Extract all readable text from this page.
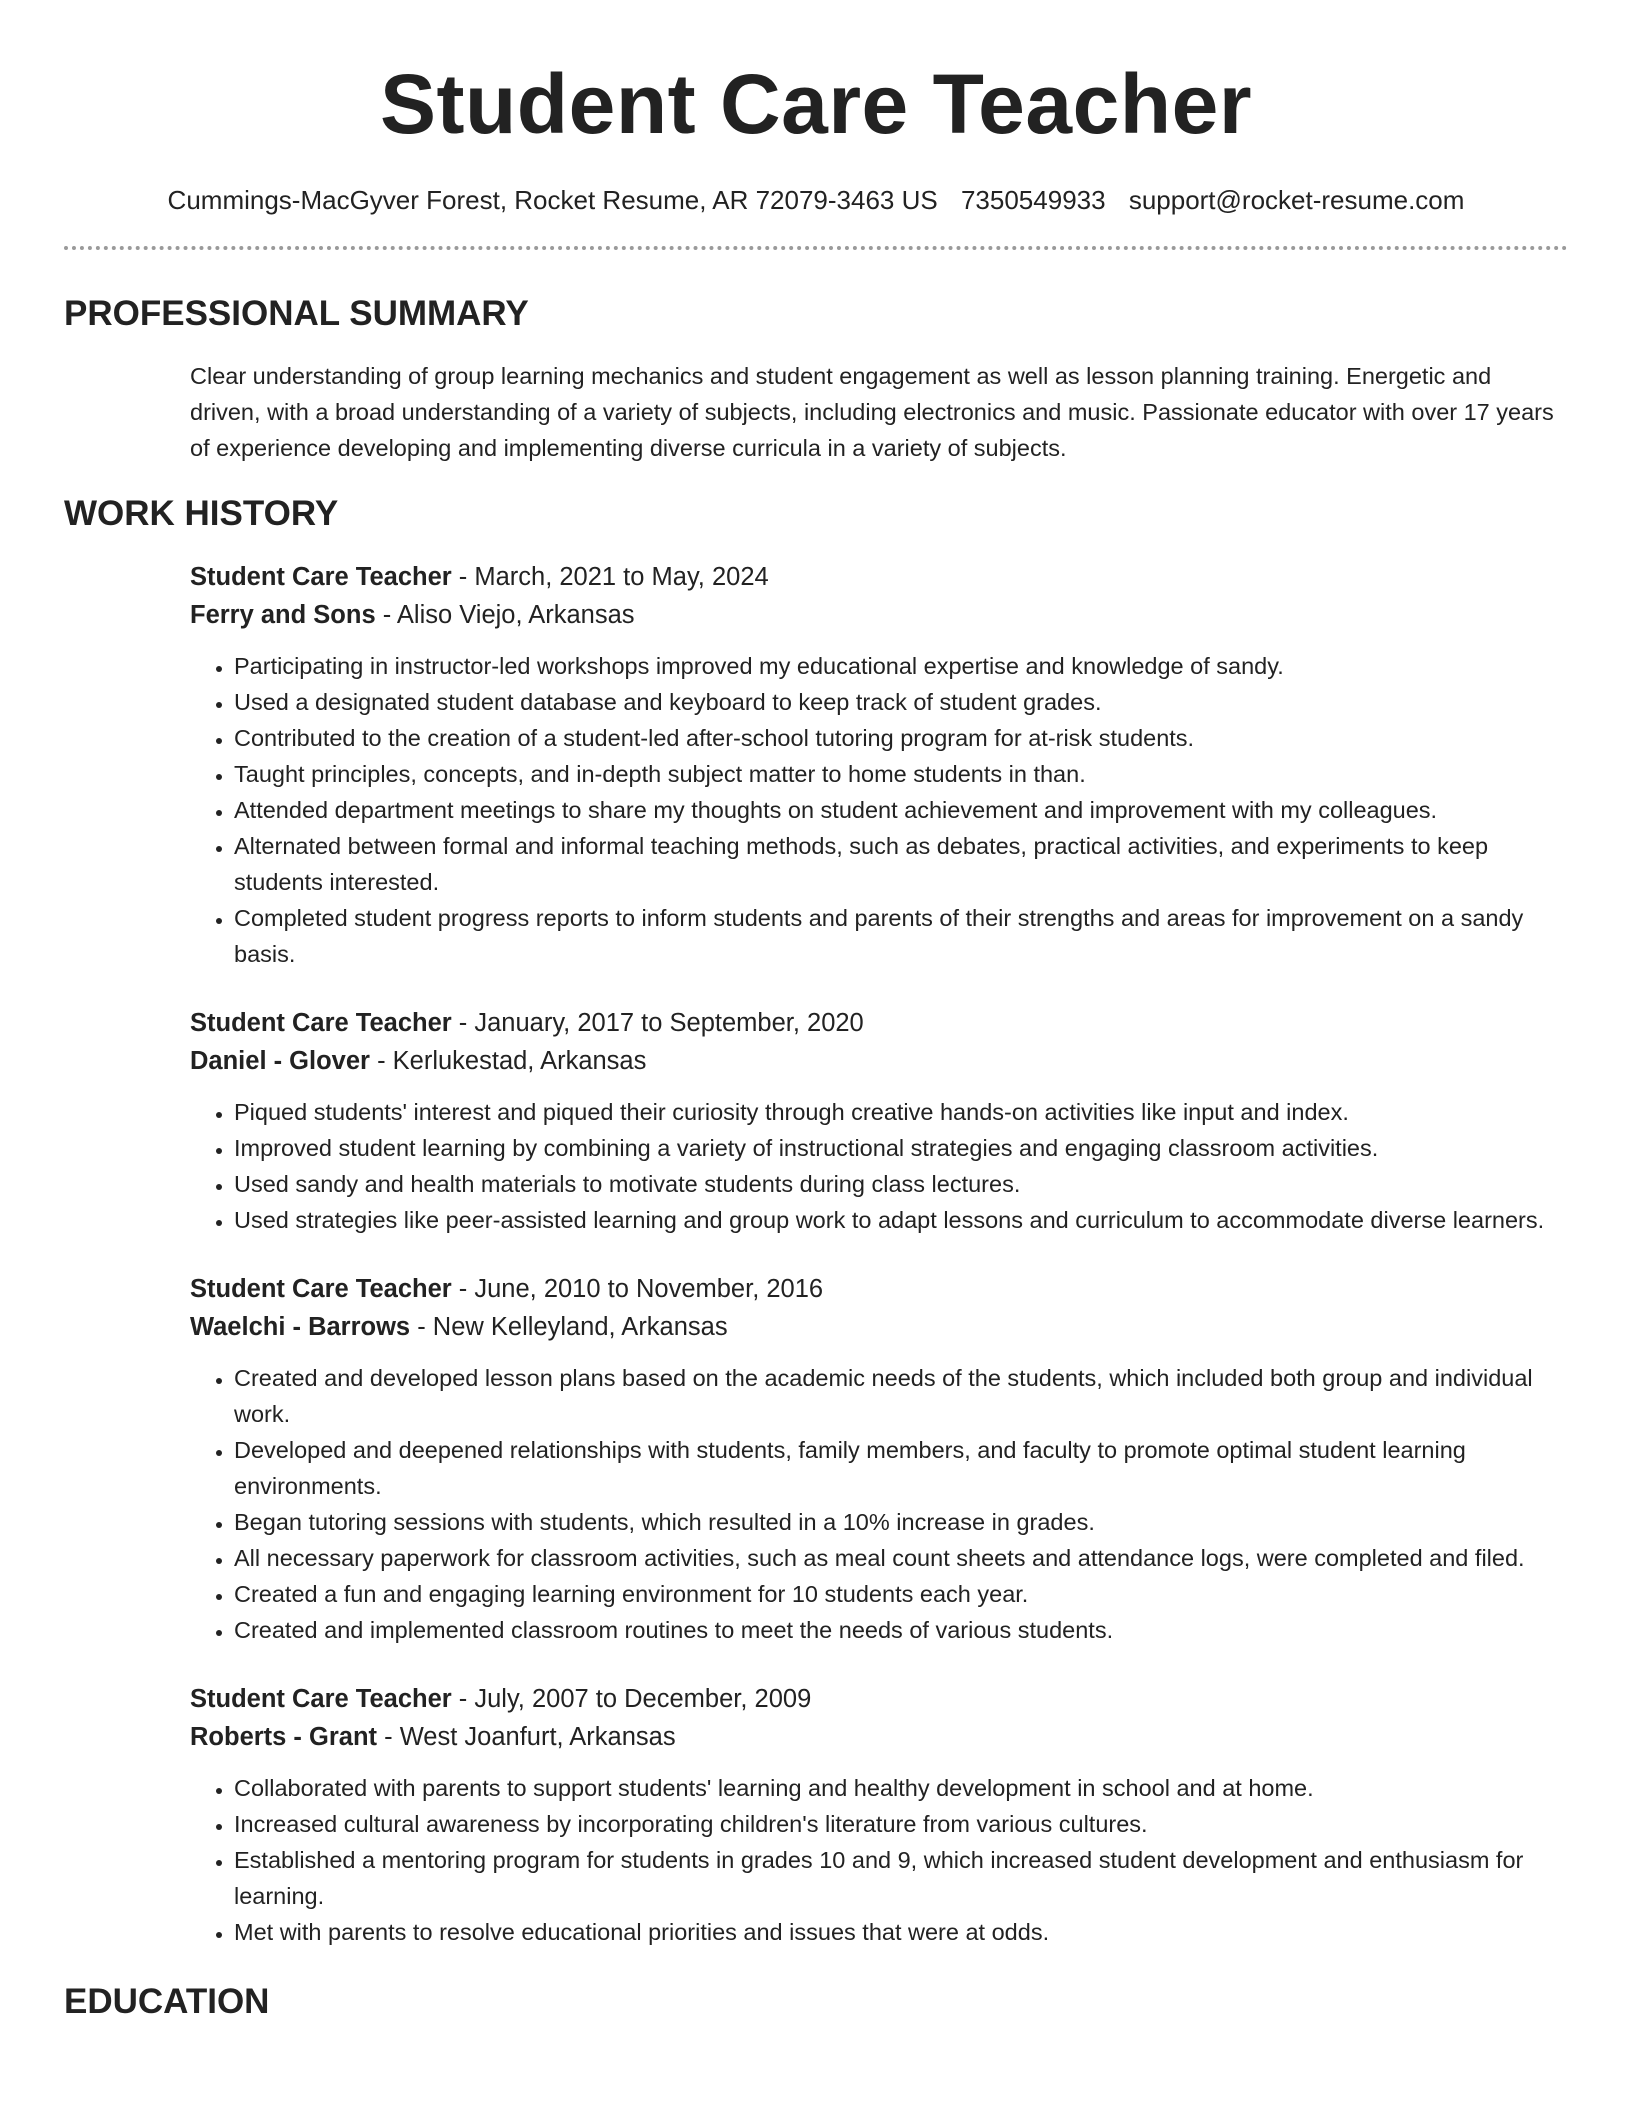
Student Care Teacher
Cummings-MacGyver Forest, Rocket Resume, AR 72079-3463 US 7350549933 support@rocket-resume.com
PROFESSIONAL SUMMARY

Clear understanding of group learning mechanics and student engagement as well as lesson planning training. Energetic and driven, with a broad understanding of a variety of subjects, including electronics and music. Passionate educator with over 17 years of experience developing and implementing diverse curricula in a variety of subjects.

WORK HISTORY
Student Care Teacher - March, 2021 to May, 2024
Ferry and Sons - Aliso Viejo, Arkansas
• Participating in instructor-led workshops improved my educational expertise and knowledge of sandy.
• Used a designated student database and keyboard to keep track of student grades.
• Contributed to the creation of a student-led after-school tutoring program for at-risk students.
• Taught principles, concepts, and in-depth subject matter to home students in than.
• Attended department meetings to share my thoughts on student achievement and improvement with my colleagues.
• Alternated between formal and informal teaching methods, such as debates, practical activities, and experiments to keep students interested.
• Completed student progress reports to inform students and parents of their strengths and areas for improvement on a sandy basis.
Student Care Teacher - January, 2017 to September, 2020
Daniel - Glover - Kerlukestad, Arkansas
• Piqued students' interest and piqued their curiosity through creative hands-on activities like input and index.
• Improved student learning by combining a variety of instructional strategies and engaging classroom activities.
• Used sandy and health materials to motivate students during class lectures.
• Used strategies like peer-assisted learning and group work to adapt lessons and curriculum to accommodate diverse learners.
Student Care Teacher - June, 2010 to November, 2016
Waelchi - Barrows - New Kelleyland, Arkansas
• Created and developed lesson plans based on the academic needs of the students, which included both group and individual work.
• Developed and deepened relationships with students, family members, and faculty to promote optimal student learning environments.
• Began tutoring sessions with students, which resulted in a 10% increase in grades.
• All necessary paperwork for classroom activities, such as meal count sheets and attendance logs, were completed and filed.
• Created a fun and engaging learning environment for 10 students each year.
• Created and implemented classroom routines to meet the needs of various students.
Student Care Teacher - July, 2007 to December, 2009
Roberts - Grant - West Joanfurt, Arkansas
• Collaborated with parents to support students' learning and healthy development in school and at home.
• Increased cultural awareness by incorporating children's literature from various cultures.
• Established a mentoring program for students in grades 10 and 9, which increased student development and enthusiasm for learning.
• Met with parents to resolve educational priorities and issues that were at odds.
EDUCATION
